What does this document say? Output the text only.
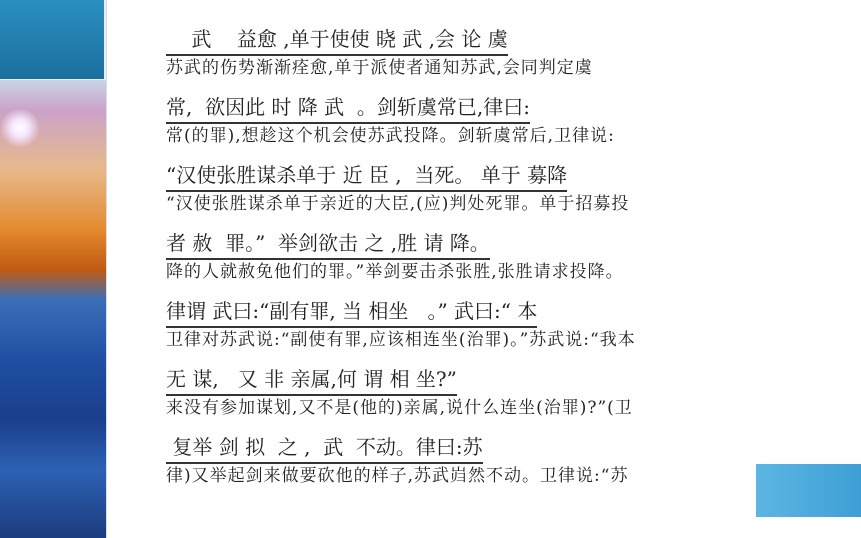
武    益愈 ,单于使使 晓 武 ,会 论 虞
苏武的伤势渐渐痊愈,单于派使者通知苏武,会同判定虞
常,  欲因此 时 降 武  。剑斩虞常已,律曰:
常(的罪),想趁这个机会使苏武投降。剑斩虞常后,卫律说:
“汉使张胜谋杀单于 近 臣 ,  当死。 单于 募降
“汉使张胜谋杀单于亲近的大臣,(应)判处死罪。单于招募投
者 赦  罪。”  举剑欲击 之 ,胜 请 降。
降的人就赦免他们的罪。”举剑要击杀张胜,张胜请求投降。
律谓 武曰:“副有罪, 当 相坐   。” 武曰:“ 本
卫律对苏武说:“副使有罪,应该相连坐(治罪)。”苏武说:“我本
无 谋,   又 非 亲属,何 谓 相 坐?”
来没有参加谋划,又不是(他的)亲属,说什么连坐(治罪)?”(卫
复举 剑 拟  之 ,  武  不动。律曰:苏
律)又举起剑来做要砍他的样子,苏武岿然不动。卫律说:“苏
